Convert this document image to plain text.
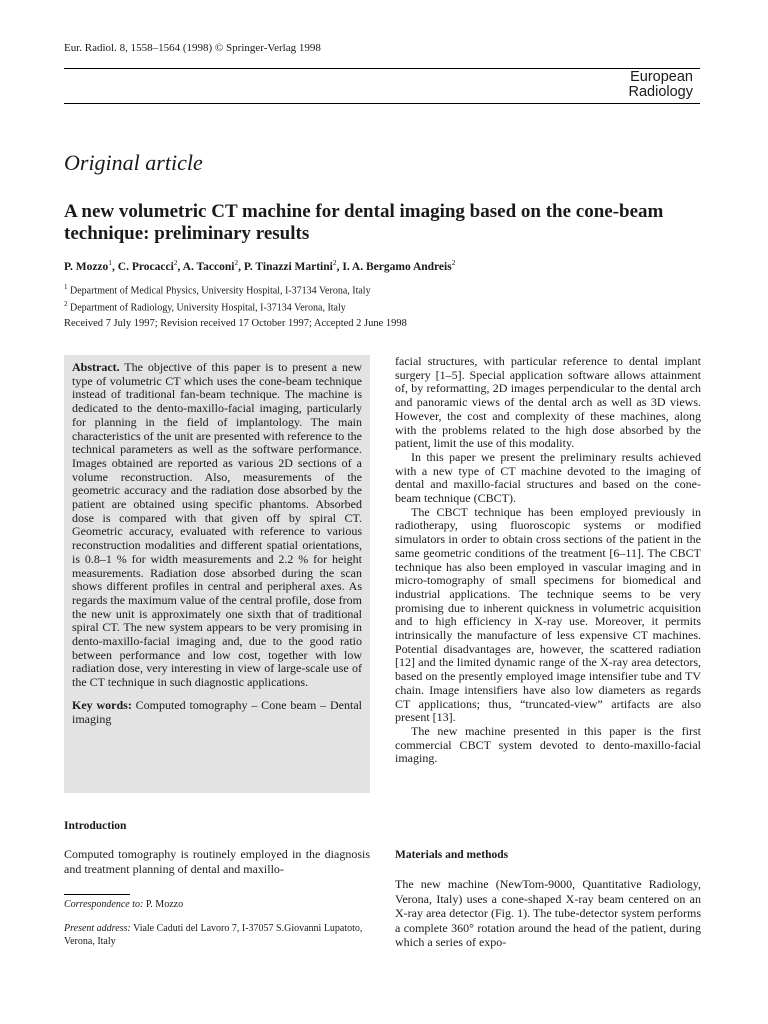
Eur. Radiol. 8, 1558–1564 (1998) © Springer-Verlag 1998
European
Radiology
Original article
A new volumetric CT machine for dental imaging based on the cone-beam technique: preliminary results
P. Mozzo$^1$, C. Procacci$^2$, A. Tacconi$^2$, P. Tinazzi Martini$^2$, I. A. Bergamo Andreis$^2$
$^1$ Department of Medical Physics, University Hospital, I-37134 Verona, Italy
$^2$ Department of Radiology, University Hospital, I-37134 Verona, Italy
Received 7 July 1997; Revision received 17 October 1997; Accepted 2 June 1998

Abstract. The objective of this paper is to present a new type of volumetric CT which uses the cone-beam technique instead of traditional fan-beam technique. The machine is dedicated to the dento-maxillo-facial imaging, particularly for planning in the field of implantology. The main characteristics of the unit are presented with reference to the technical parameters as well as the software performance. Images obtained are reported as various 2D sections of a volume reconstruction. Also, measurements of the geometric accuracy and the radiation dose absorbed by the patient are obtained using specific phantoms. Absorbed dose is compared with that given off by spiral CT. Geometric accuracy, evaluated with reference to various reconstruction modalities and different spatial orientations, is 0.8–1 % for width measurements and 2.2 % for height measurements. Radiation dose absorbed during the scan shows different profiles in central and peripheral axes. As regards the maximum value of the central profile, dose from the new unit is approximately one sixth that of traditional spiral CT. The new system appears to be very promising in dento-maxillo-facial imaging and, due to the good ratio between performance and low cost, together with low radiation dose, very interesting in view of large-scale use of the CT technique in such diagnostic applications.

Key words: Computed tomography – Cone beam – Dental imaging

Introduction
Computed tomography is routinely employed in the diagnosis and treatment planning of dental and maxillo-
Correspondence to: P. Mozzo
Present address: Viale Caduti del Lavoro 7, I-37057 S.Giovanni Lupatoto, Verona, Italy

facial structures, with particular reference to dental implant surgery [1–5]. Special application software allows attainment of, by reformatting, 2D images perpendicular to the dental arch and panoramic views of the dental arch as well as 3D views. However, the cost and complexity of these machines, along with the problems related to the high dose absorbed by the patient, limit the use of this modality.

In this paper we present the preliminary results achieved with a new type of CT machine devoted to the imaging of dental and maxillo-facial structures and based on the cone-beam technique (CBCT).

The CBCT technique has been employed previously in radiotherapy, using fluoroscopic systems or modified simulators in order to obtain cross sections of the patient in the same geometric conditions of the treatment [6–11]. The CBCT technique has also been employed in vascular imaging and in micro-tomography of small specimens for biomedical and industrial applications. The technique seems to be very promising due to inherent quickness in volumetric acquisition and to high efficiency in X-ray use. Moreover, it permits intrinsically the manufacture of less expensive CT machines. Potential disadvantages are, however, the scattered radiation [12] and the limited dynamic range of the X-ray area detectors, based on the presently employed image intensifier tube and TV chain. Image intensifiers have also low diameters as regards CT applications; thus, “truncated-view” artifacts are also present [13].

The new machine presented in this paper is the first commercial CBCT system devoted to dento-maxillo-facial imaging.

Materials and methods
The new machine (NewTom-9000, Quantitative Radiology, Verona, Italy) uses a cone-shaped X-ray beam centered on an X-ray area detector (Fig. 1). The tube-detector system performs a complete 360° rotation around the head of the patient, during which a series of expo-
